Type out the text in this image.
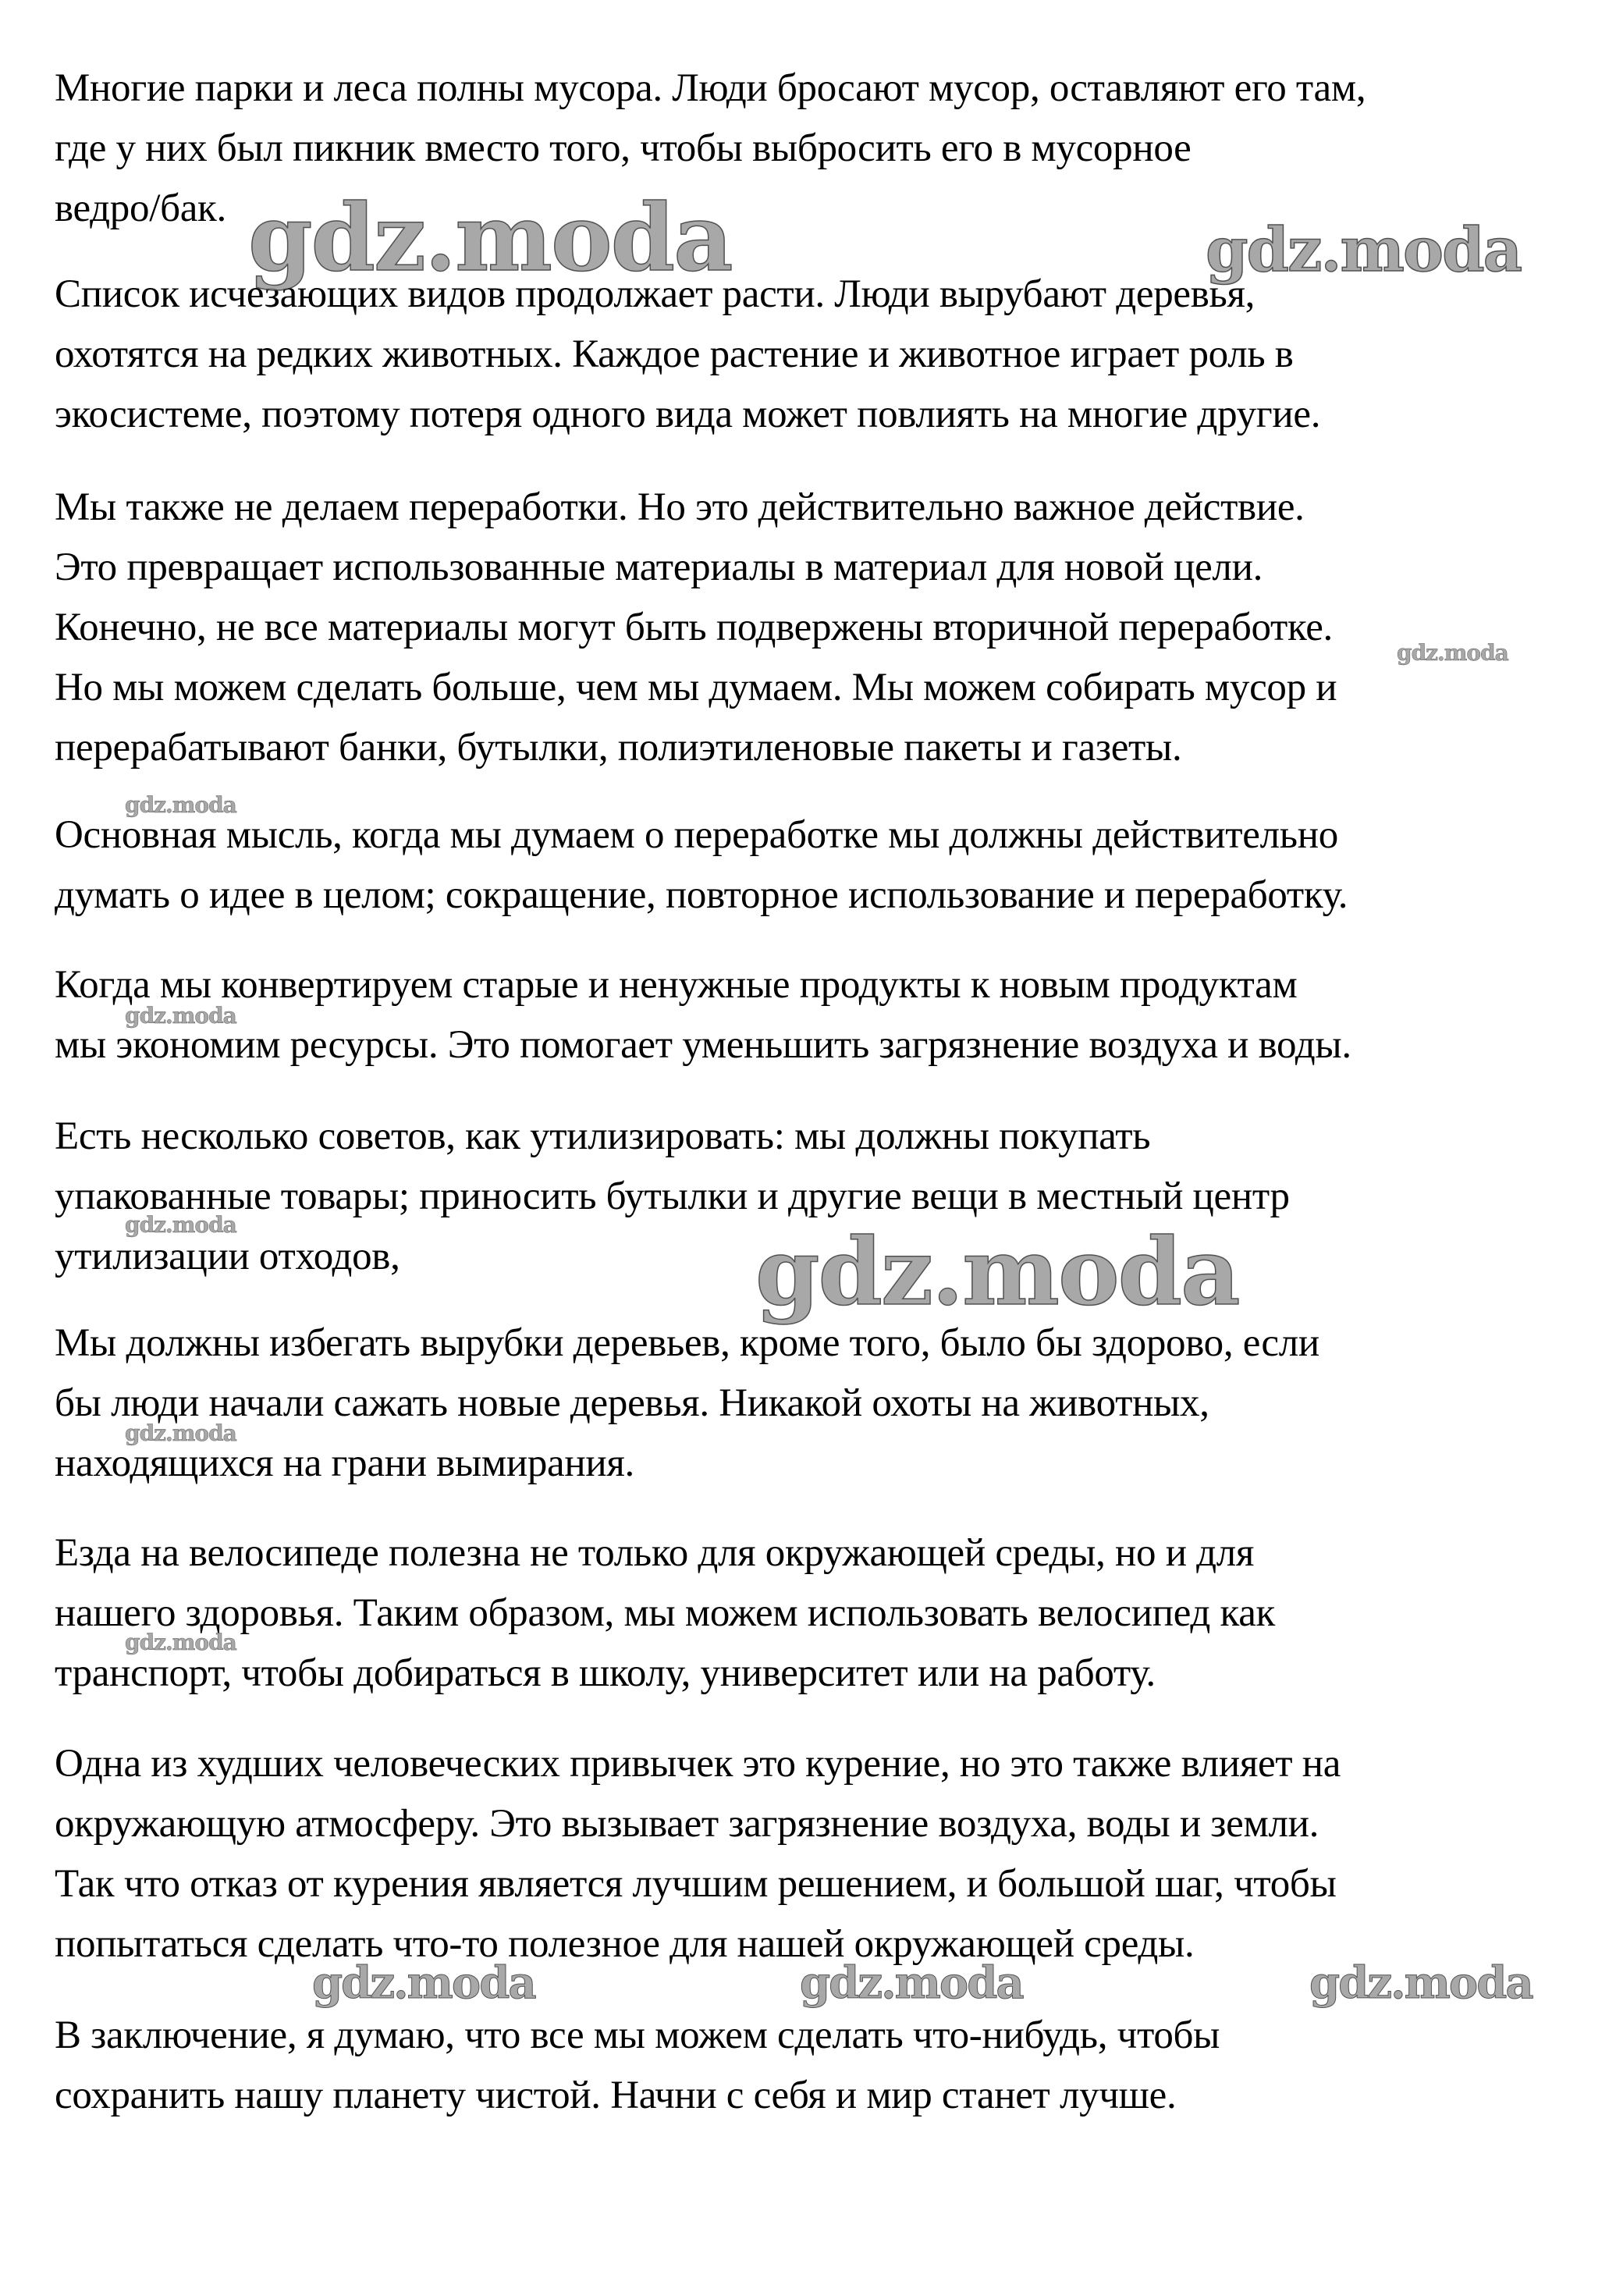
Многие парки и леса полны мусора. Люди бросают мусор, оставляют его там,
где у них был пикник вместо того, чтобы выбросить его в мусорное
ведро/бак.

Список исчезающих видов продолжает расти. Люди вырубают деревья,
охотятся на редких животных. Каждое растение и животное играет роль в
экосистеме, поэтому потеря одного вида может повлиять на многие другие.

Мы также не делаем переработки. Но это действительно важное действие.
Это превращает использованные материалы в материал для новой цели.
Конечно, не все материалы могут быть подвержены вторичной переработке.
Но мы можем сделать больше, чем мы думаем. Мы можем собирать мусор и
перерабатывают банки, бутылки, полиэтиленовые пакеты и газеты.

Основная мысль, когда мы думаем о переработке мы должны действительно
думать о идее в целом; сокращение, повторное использование и переработку.

Когда мы конвертируем старые и ненужные продукты к новым продуктам
мы экономим ресурсы. Это помогает уменьшить загрязнение воздуха и воды.

Есть несколько советов, как утилизировать: мы должны покупать
упакованные товары; приносить бутылки и другие вещи в местный центр
утилизации отходов,

Мы должны избегать вырубки деревьев, кроме того, было бы здорово, если
бы люди начали сажать новые деревья. Никакой охоты на животных,
находящихся на грани вымирания.

Езда на велосипеде полезна не только для окружающей среды, но и для
нашего здоровья. Таким образом, мы можем использовать велосипед как
транспорт, чтобы добираться в школу, университет или на работу.

Одна из худших человеческих привычек это курение, но это также влияет на
окружающую атмосферу. Это вызывает загрязнение воздуха, воды и земли.
Так что отказ от курения является лучшим решением, и большой шаг, чтобы
попытаться сделать что-то полезное для нашей окружающей среды.

В заключение, я думаю, что все мы можем сделать что-нибудь, чтобы
сохранить нашу планету чистой. Начни с себя и мир станет лучше.

gdz.moda	gdz.moda
gdz.moda
gdz.moda
gdz.moda
gdz.moda	gdz.moda
gdz.moda
gdz.moda
gdz.moda	gdz.moda	gdz.moda
